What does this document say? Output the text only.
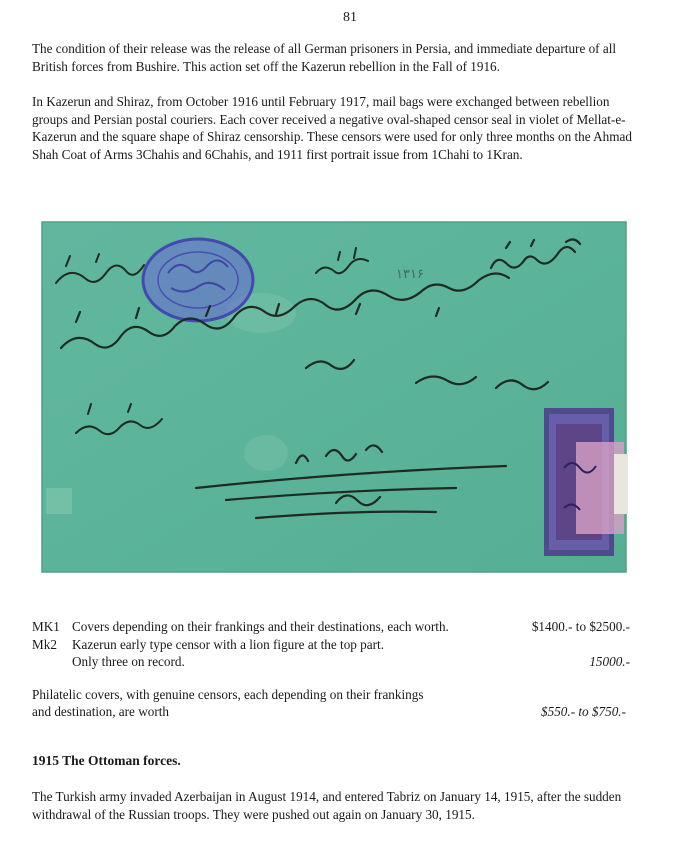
81

The condition of their release was the release of all German prisoners in Persia, and immediate departure of all British forces from Bushire. This action set off the Kazerun rebellion in the Fall of 1916.

In Kazerun and Shiraz, from October 1916 until February 1917, mail bags were exchanged between rebellion groups and Persian postal couriers. Each cover received a negative oval-shaped censor seal in violet of Mellat-e-Kazerun and the square shape of Shiraz censorship. These censors were used for only three months on the Ahmad Shah Coat of Arms 3Chahis and 6Chahis, and 1911 first portrait issue from 1Chahi to 1Kran.

۱۳۱۶
MK1 Covers depending on their frankings and their destinations, each worth.	$1400.- to $2500.-
Mk2 Kazerun early type censor with a lion figure at the top part.
Only three on record.	15000.-
Philatelic covers, with genuine censors, each depending on their frankings
and destination, are worth	$550.- to $750.-
1915 The Ottoman forces.

The Turkish army invaded Azerbaijan in August 1914, and entered Tabriz on January 14, 1915, after the sudden withdrawal of the Russian troops. They were pushed out again on January 30, 1915.
